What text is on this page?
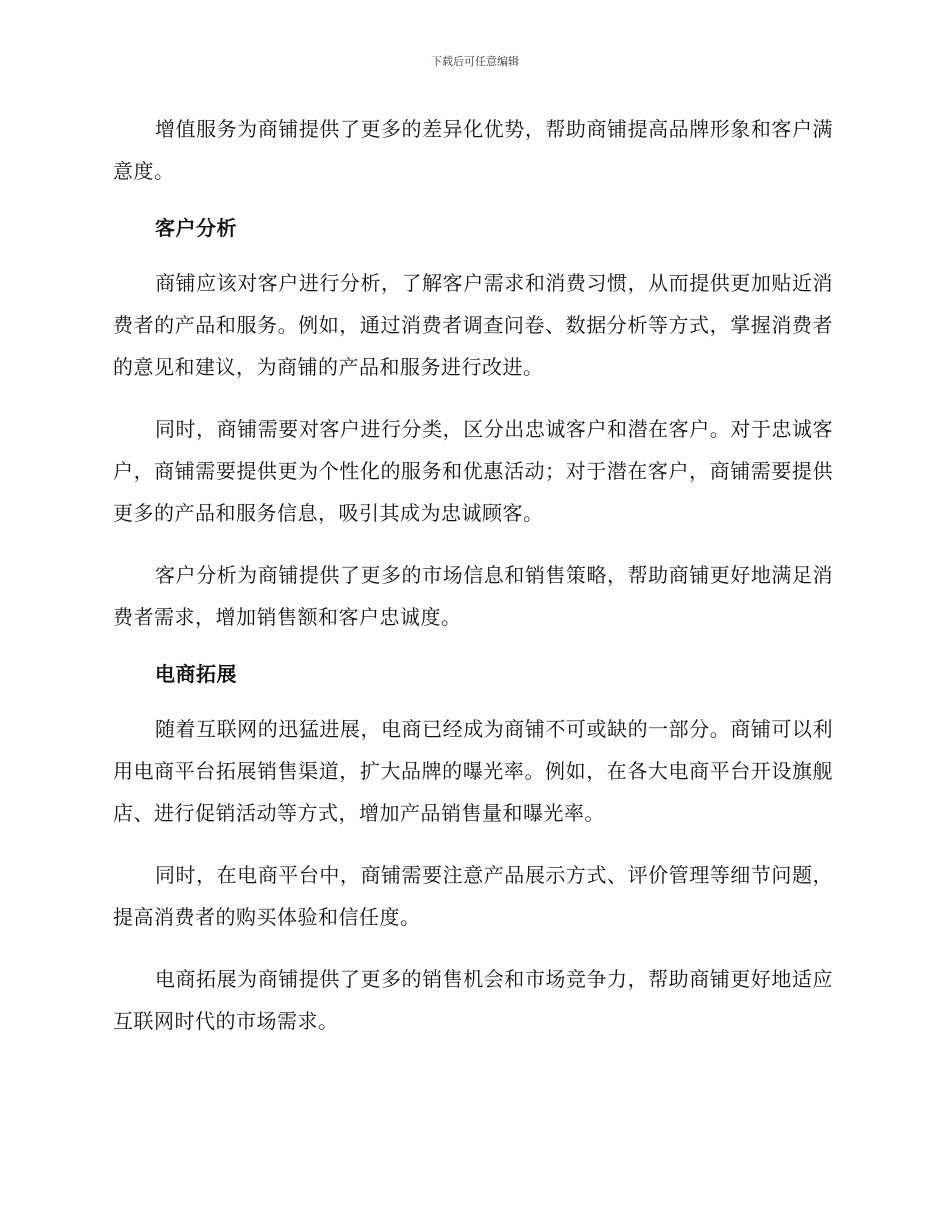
下载后可任意编辑

增值服务为商铺提供了更多的差异化优势，帮助商铺提高品牌形象和客户满意度。

客户分析

商铺应该对客户进行分析，了解客户需求和消费习惯，从而提供更加贴近消费者的产品和服务。例如，通过消费者调查问卷、数据分析等方式，掌握消费者的意见和建议，为商铺的产品和服务进行改进。

同时，商铺需要对客户进行分类，区分出忠诚客户和潜在客户。对于忠诚客户，商铺需要提供更为个性化的服务和优惠活动；对于潜在客户，商铺需要提供更多的产品和服务信息，吸引其成为忠诚顾客。

客户分析为商铺提供了更多的市场信息和销售策略，帮助商铺更好地满足消费者需求，增加销售额和客户忠诚度。

电商拓展

随着互联网的迅猛进展，电商已经成为商铺不可或缺的一部分。商铺可以利用电商平台拓展销售渠道，扩大品牌的曝光率。例如，在各大电商平台开设旗舰店、进行促销活动等方式，增加产品销售量和曝光率。

同时，在电商平台中，商铺需要注意产品展示方式、评价管理等细节问题，提高消费者的购买体验和信任度。

电商拓展为商铺提供了更多的销售机会和市场竞争力，帮助商铺更好地适应互联网时代的市场需求。
